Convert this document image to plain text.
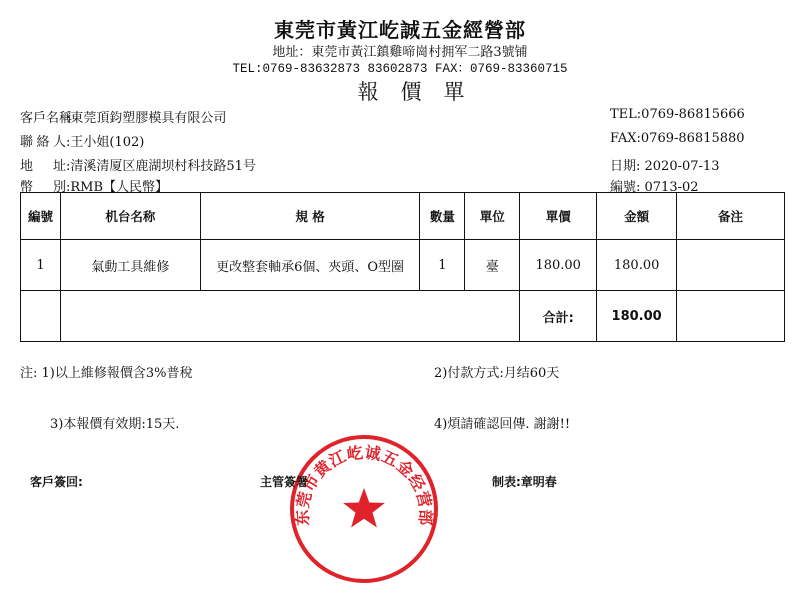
東莞市黃江屹誠五金經營部
地址：東莞市黃江鎮雞啼崗村拥军二路3號铺
TEL:0769-83632873 83602873 FAX：0769-83360715
報價單
客戶名稱:東莞頂鈞塑膠模具有限公司
聯絡人:王小姐(102)
地址:清溪清厦区鹿湖坝村科技路51号
幣別:RMB【人民幣】
TEL:0769-86815666
FAX:0769-86815880
日期: 2020-07-13
編號: 0713-02
編號	机台名称	規 格	數量	單位	單價	金額	备注
1	氣動工具維修	更改整套軸承6個、夾頭、O型圈	1	臺	180.00	180.00	
					合計:	180.00	
注: 1)以上維修報價含3%普稅	2)付款方式:月结60天
3)本報價有效期:15天.	4)煩請確認回傳. 謝謝!!
客戶簽回:	制表:章明春
东莞市黄江屹诚五金经营部
主管簽署
